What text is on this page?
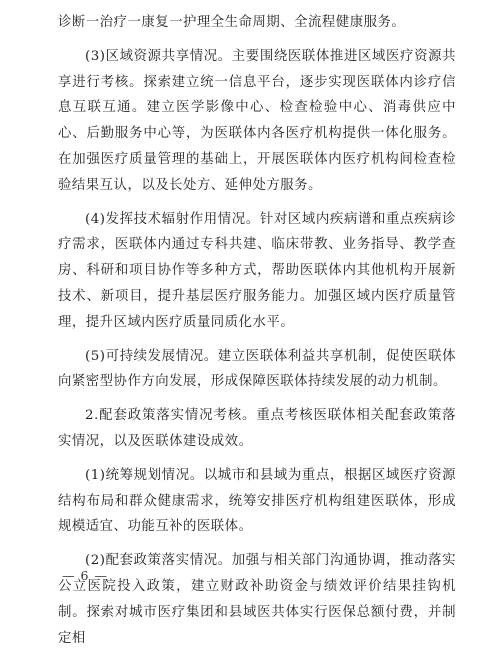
诊断一治疗一康复一护理全生命周期、全流程健康服务。

(3)区域资源共享情况。主要围绕医联体推进区域医疗资源共享进行考核。探索建立统一信息平台，逐步实现医联体内诊疗信息互联互通。建立医学影像中心、检查检验中心、消毒供应中心、后勤服务中心等，为医联体内各医疗机构提供一体化服务。在加强医疗质量管理的基础上，开展医联体内医疗机构间检查检验结果互认，以及长处方、延伸处方服务。

(4)发挥技术辐射作用情况。针对区域内疾病谱和重点疾病诊疗需求，医联体内通过专科共建、临床带教、业务指导、教学查房、科研和项目协作等多种方式，帮助医联体内其他机构开展新技术、新项目，提升基层医疗服务能力。加强区域内医疗质量管理，提升区域内医疗质量同质化水平。

(5)可持续发展情况。建立医联体利益共享机制，促使医联体向紧密型协作方向发展，形成保障医联体持续发展的动力机制。

2.配套政策落实情况考核。重点考核医联体相关配套政策落实情况，以及医联体建设成效。

(1)统筹规划情况。以城市和县域为重点，根据区域医疗资源结构布局和群众健康需求，统筹安排医疗机构组建医联体，形成规模适宜、功能互补的医联体。

(2)配套政策落实情况。加强与相关部门沟通协调，推动落实公立医院投入政策，建立财政补助资金与绩效评价结果挂钩机制。探索对城市医疗集团和县域医共体实行医保总额付费，并制定相

— 6 —
